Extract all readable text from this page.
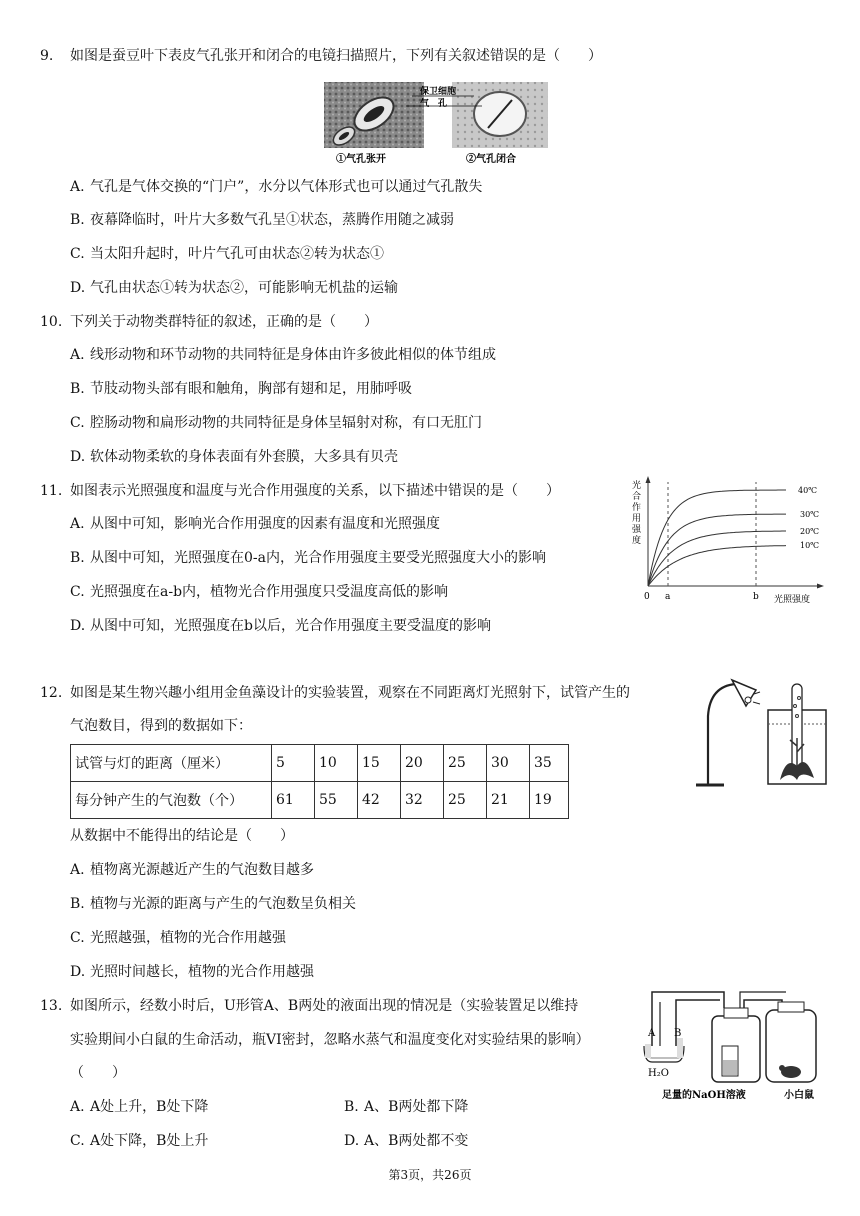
9. 如图是蚕豆叶下表皮气孔张开和闭合的电镜扫描照片，下列有关叙述错误的是（　　）
保卫细胞
气　孔
①气孔张开	②气孔闭合
A. 气孔是气体交换的“门户”，水分以气体形式也可以通过气孔散失
B. 夜幕降临时，叶片大多数气孔呈①状态，蒸腾作用随之减弱
C. 当太阳升起时，叶片气孔可由状态②转为状态①
D. 气孔由状态①转为状态②，可能影响无机盐的运输
10. 下列关于动物类群特征的叙述，正确的是（　　）
A. 线形动物和环节动物的共同特征是身体由许多彼此相似的体节组成
B. 节肢动物头部有眼和触角，胸部有翅和足，用肺呼吸
C. 腔肠动物和扁形动物的共同特征是身体呈辐射对称，有口无肛门
D. 软体动物柔软的身体表面有外套膜，大多具有贝壳
11. 如图表示光照强度和温度与光合作用强度的关系，以下描述中错误的是（　　）
A. 从图中可知，影响光合作用强度的因素有温度和光照强度
B. 从图中可知，光照强度在0-a内，光合作用强度主要受光照强度大小的影响
C. 光照强度在a-b内，植物光合作用强度只受温度高低的影响
D. 从图中可知，光照强度在b以后，光合作用强度主要受温度的影响
40℃
30℃
20℃
10℃
0 a	b 光照强度
光合作用强度
12. 如图是某生物兴趣小组用金鱼藻设计的实验装置，观察在不同距离灯光照射下，试管产生的
气泡数目，得到的数据如下：
试管与灯的距离（厘米）	5	10	15	20	25	30	35
每分钟产生的气泡数（个）	61	55	42	32	25	21	19
从数据中不能得出的结论是（　　）
A. 植物离光源越近产生的气泡数目越多
B. 植物与光源的距离与产生的气泡数呈负相关
C. 光照越强，植物的光合作用越强
D. 光照时间越长，植物的光合作用越强
13. 如图所示，经数小时后，U形管A、B两处的液面出现的情况是（实验装置足以维持
实验期间小白鼠的生命活动，瓶VI密封，忽略水蒸气和温度变化对实验结果的影响）
（　　）
A. A处上升，B处下降	B. A、B两处都下降
C. A处下降，B处上升	D. A、B两处都不变
A B
H₂O
足量的NaOH溶液	小白鼠
第3页，共26页
